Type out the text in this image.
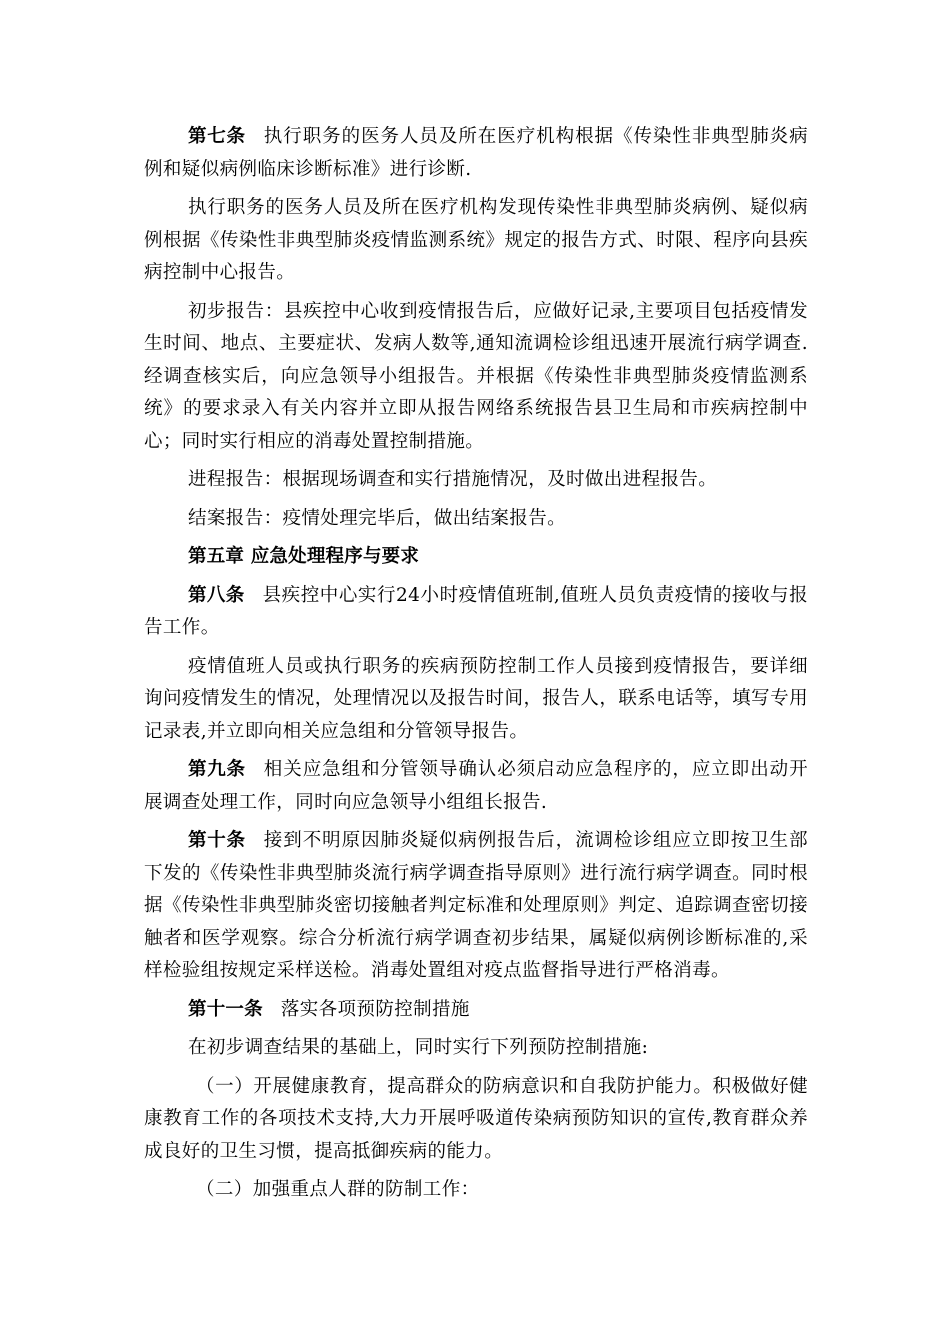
第七条 执行职务的医务人员及所在医疗机构根据《传染性非典型肺炎病例和疑似病例临床诊断标准》进行诊断.

执行职务的医务人员及所在医疗机构发现传染性非典型肺炎病例、疑似病例根据《传染性非典型肺炎疫情监测系统》规定的报告方式、时限、程序向县疾病控制中心报告。

初步报告：县疾控中心收到疫情报告后，应做好记录,主要项目包括疫情发生时间、地点、主要症状、发病人数等,通知流调检诊组迅速开展流行病学调查.经调查核实后，向应急领导小组报告。并根据《传染性非典型肺炎疫情监测系统》的要求录入有关内容并立即从报告网络系统报告县卫生局和市疾病控制中心；同时实行相应的消毒处置控制措施。

进程报告：根据现场调查和实行措施情况，及时做出进程报告。

结案报告：疫情处理完毕后，做出结案报告。

第五章 应急处理程序与要求

第八条 县疾控中心实行24小时疫情值班制,值班人员负责疫情的接收与报告工作。

疫情值班人员或执行职务的疾病预防控制工作人员接到疫情报告，要详细询问疫情发生的情况，处理情况以及报告时间，报告人，联系电话等，填写专用记录表,并立即向相关应急组和分管领导报告。

第九条 相关应急组和分管领导确认必须启动应急程序的，应立即出动开展调查处理工作，同时向应急领导小组组长报告.

第十条 接到不明原因肺炎疑似病例报告后，流调检诊组应立即按卫生部下发的《传染性非典型肺炎流行病学调查指导原则》进行流行病学调查。同时根据《传染性非典型肺炎密切接触者判定标准和处理原则》判定、追踪调查密切接触者和医学观察。综合分析流行病学调查初步结果，属疑似病例诊断标准的,采样检验组按规定采样送检。消毒处置组对疫点监督指导进行严格消毒。

第十一条 落实各项预防控制措施

在初步调查结果的基础上，同时实行下列预防控制措施:

（一）开展健康教育，提高群众的防病意识和自我防护能力。积极做好健康教育工作的各项技术支持,大力开展呼吸道传染病预防知识的宣传,教育群众养成良好的卫生习惯，提高抵御疾病的能力。

（二）加强重点人群的防制工作：
